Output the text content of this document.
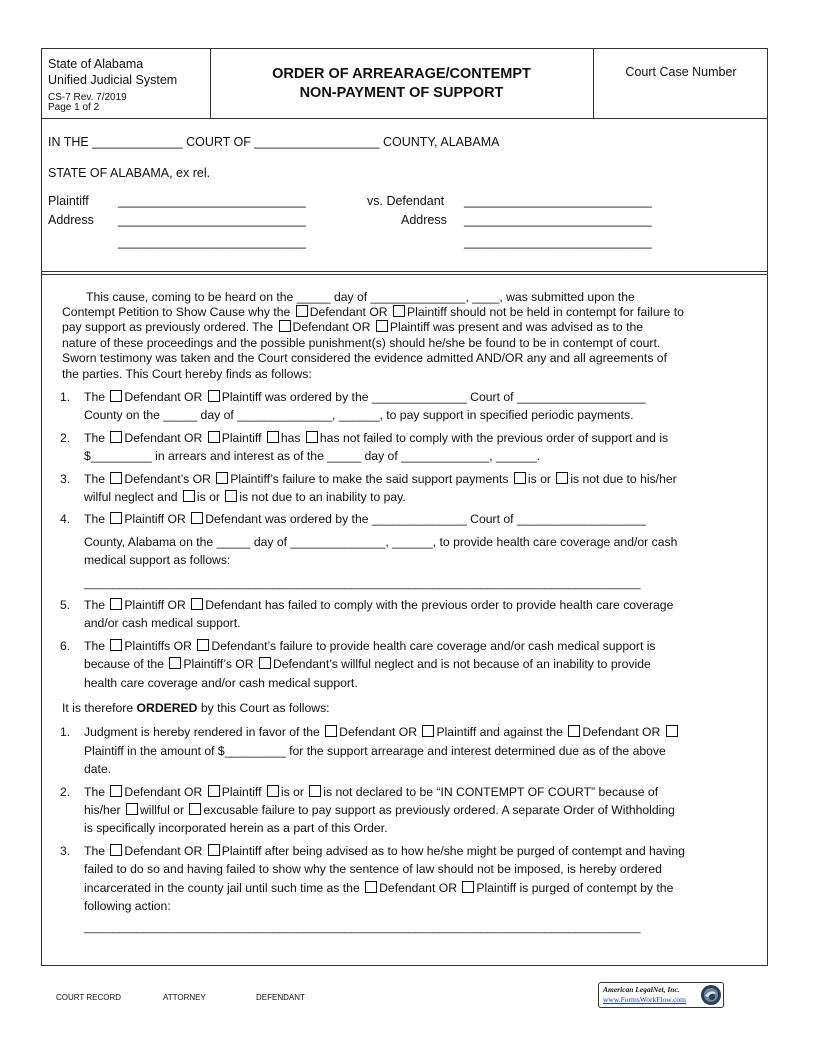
State of Alabama
Unified Judicial System
CS-7 Rev. 7/2019
Page 1 of 2
ORDER OF ARREARAGE/CONTEMPT
NON-PAYMENT OF SUPPORT
Court Case Number
IN THE _____________ COURT OF __________________ COUNTY, ALABAMA
STATE OF ALABAMA, ex rel.
Plaintiff ___________________________
Address ___________________________
___________________________
vs. Defendant ___________________________
Address ___________________________
___________________________
This cause, coming to be heard on the _____ day of ______________, ____, was submitted upon the
Contempt Petition to Show Cause why the Defendant OR Plaintiff should not be held in contempt for failure to
pay support as previously ordered. The Defendant OR Plaintiff was present and was advised as to the
nature of these proceedings and the possible punishment(s) should he/she be found to be in contempt of court.
Sworn testimony was taken and the Court considered the evidence admitted AND/OR any and all agreements of
the parties. This Court hereby finds as follows:
1. The Defendant OR Plaintiff was ordered by the ______________ Court of ___________________
County on the _____ day of ______________, ______, to pay support in specified periodic payments.
2. The Defendant OR Plaintiff has has not failed to comply with the previous order of support and is
$_________ in arrears and interest as of the _____ day of _____________, ______.
3. The Defendant’s OR Plaintiff’s failure to make the said support payments is or is not due to his/her
wilful neglect and is or is not due to an inability to pay.
4. The Plaintiff OR Defendant was ordered by the ______________ Court of ___________________
County, Alabama on the _____ day of ______________, ______, to provide health care coverage and/or cash
medical support as follows:
______________________________________________________________________________________________
5. The Plaintiff OR Defendant has failed to comply with the previous order to provide health care coverage
and/or cash medical support.
6. The Plaintiffs OR Defendant’s failure to provide health care coverage and/or cash medical support is
because of the Plaintiff’s OR Defendant’s willful neglect and is not because of an inability to provide
health care coverage and/or cash medical support.
It is therefore ORDERED by this Court as follows:
1. Judgment is hereby rendered in favor of the Defendant OR Plaintiff and against the Defendant OR
Plaintiff in the amount of $_________ for the support arrearage and interest determined due as of the above
date.
2. The Defendant OR Plaintiff is or is not declared to be “IN CONTEMPT OF COURT” because of
his/her willful or excusable failure to pay support as previously ordered. A separate Order of Withholding
is specifically incorporated herein as a part of this Order.
3. The Defendant OR Plaintiff after being advised as to how he/she might be purged of contempt and having
failed to do so and having failed to show why the sentence of law should not be imposed, is hereby ordered
incarcerated in the county jail until such time as the Defendant OR Plaintiff is purged of contempt by the
following action:
______________________________________________________________________________________________
COURT RECORD	ATTORNEY	DEFENDANT
American LegalNet, Inc.
www.FormsWorkFlow.com
